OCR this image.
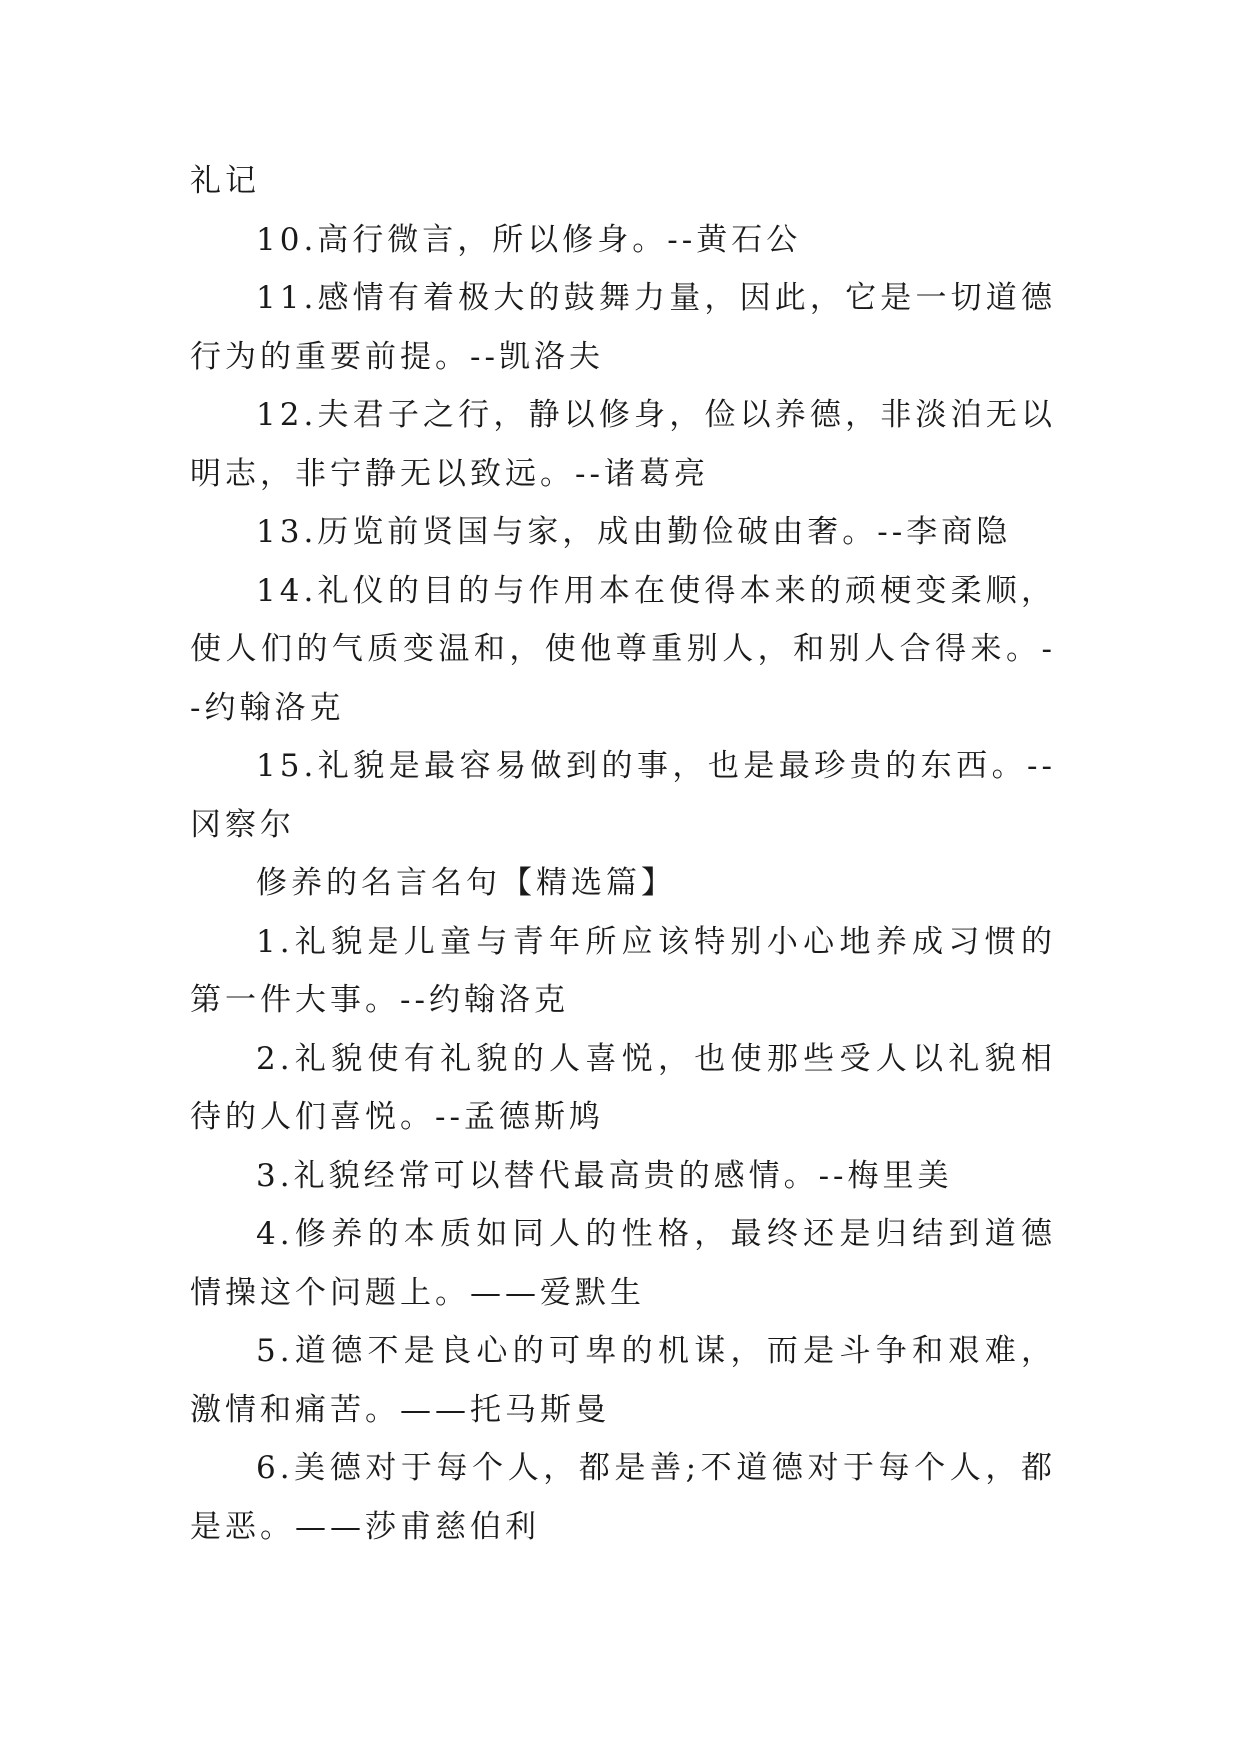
礼记

10.高行微言，所以修身。--黄石公

11.感情有着极大的鼓舞力量，因此，它是一切道德行为的重要前提。--凯洛夫

12.夫君子之行，静以修身，俭以养德，非淡泊无以明志，非宁静无以致远。--诸葛亮

13.历览前贤国与家，成由勤俭破由奢。--李商隐

14.礼仪的目的与作用本在使得本来的顽梗变柔顺，使人们的气质变温和，使他尊重别人，和别人合得来。--约翰洛克

15.礼貌是最容易做到的事，也是最珍贵的东西。--冈察尔

修养的名言名句【精选篇】

1.礼貌是儿童与青年所应该特别小心地养成习惯的第一件大事。--约翰洛克

2.礼貌使有礼貌的人喜悦，也使那些受人以礼貌相待的人们喜悦。--孟德斯鸠

3.礼貌经常可以替代最高贵的感情。--梅里美

4.修养的本质如同人的性格，最终还是归结到道德情操这个问题上。——爱默生

5.道德不是良心的可卑的机谋，而是斗争和艰难，激情和痛苦。——托马斯曼

6.美德对于每个人，都是善;不道德对于每个人，都是恶。——莎甫慈伯利
